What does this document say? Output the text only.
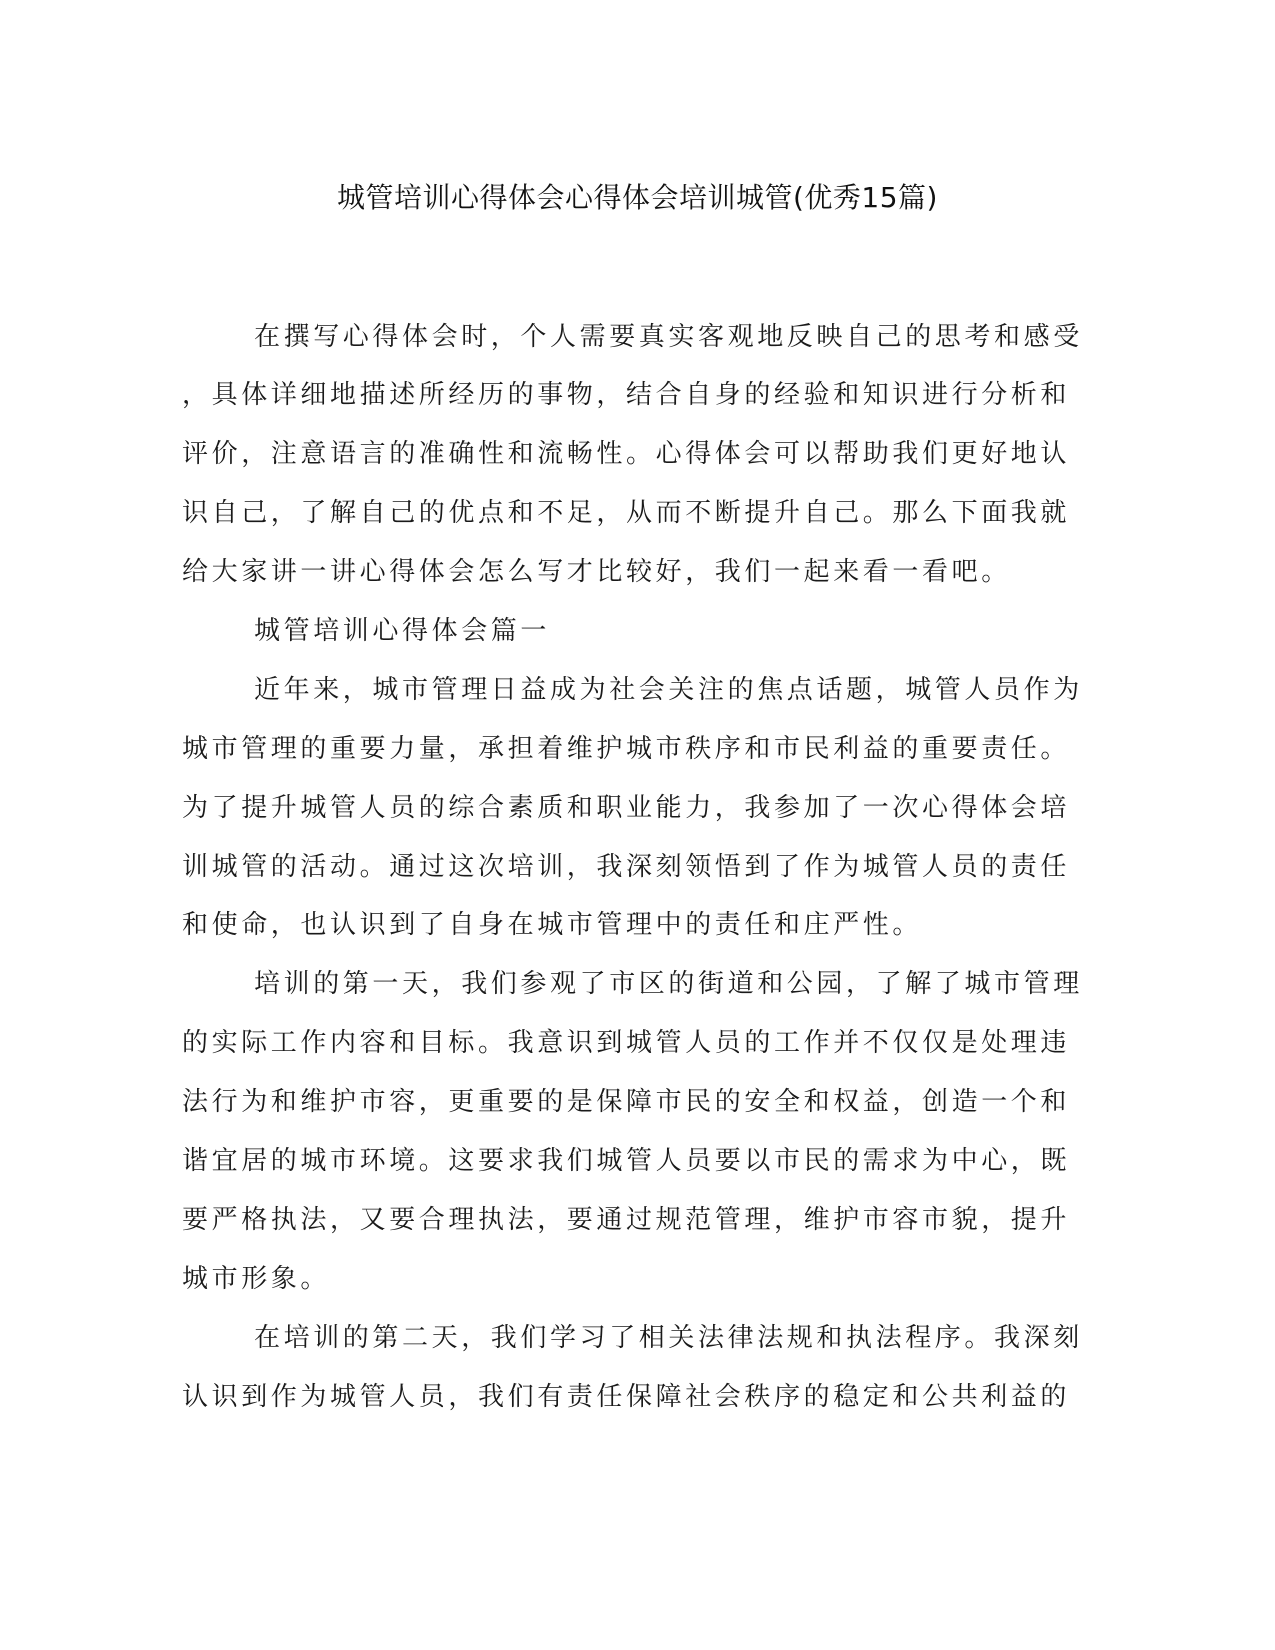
城管培训心得体会心得体会培训城管(优秀15篇)

在撰写心得体会时，个人需要真实客观地反映自己的思考和感受

，具体详细地描述所经历的事物，结合自身的经验和知识进行分析和

评价，注意语言的准确性和流畅性。心得体会可以帮助我们更好地认

识自己，了解自己的优点和不足，从而不断提升自己。那么下面我就

给大家讲一讲心得体会怎么写才比较好，我们一起来看一看吧。

城管培训心得体会篇一

近年来，城市管理日益成为社会关注的焦点话题，城管人员作为

城市管理的重要力量，承担着维护城市秩序和市民利益的重要责任。

为了提升城管人员的综合素质和职业能力，我参加了一次心得体会培

训城管的活动。通过这次培训，我深刻领悟到了作为城管人员的责任

和使命，也认识到了自身在城市管理中的责任和庄严性。

培训的第一天，我们参观了市区的街道和公园，了解了城市管理

的实际工作内容和目标。我意识到城管人员的工作并不仅仅是处理违

法行为和维护市容，更重要的是保障市民的安全和权益，创造一个和

谐宜居的城市环境。这要求我们城管人员要以市民的需求为中心，既

要严格执法，又要合理执法，要通过规范管理，维护市容市貌，提升

城市形象。

在培训的第二天，我们学习了相关法律法规和执法程序。我深刻

认识到作为城管人员，我们有责任保障社会秩序的稳定和公共利益的
